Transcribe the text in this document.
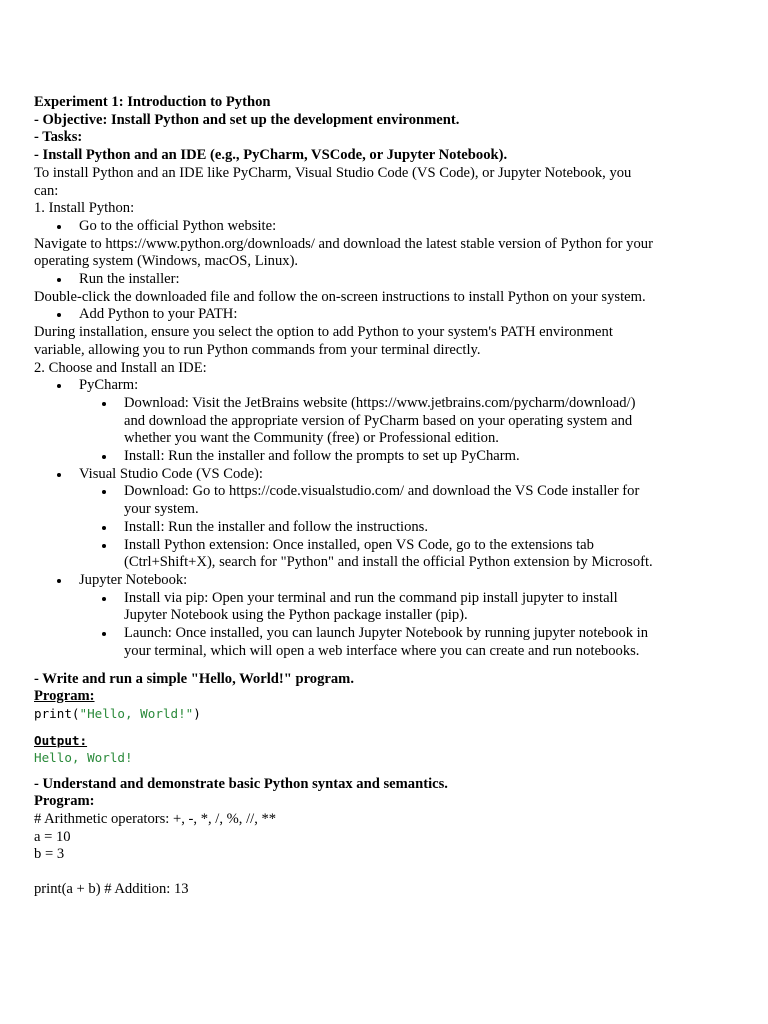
Experiment 1: Introduction to Python
- Objective: Install Python and set up the development environment.
- Tasks:
- Install Python and an IDE (e.g., PyCharm, VSCode, or Jupyter Notebook).
To install Python and an IDE like PyCharm, Visual Studio Code (VS Code), or Jupyter Notebook, you
can:
1. Install Python:
Go to the official Python website:
Navigate to https://www.python.org/downloads/ and download the latest stable version of Python for your
operating system (Windows, macOS, Linux).
Run the installer:
Double-click the downloaded file and follow the on-screen instructions to install Python on your system.
Add Python to your PATH:
During installation, ensure you select the option to add Python to your system's PATH environment
variable, allowing you to run Python commands from your terminal directly.
2. Choose and Install an IDE:
PyCharm:
Download: Visit the JetBrains website (https://www.jetbrains.com/pycharm/download/)
and download the appropriate version of PyCharm based on your operating system and
whether you want the Community (free) or Professional edition.
Install: Run the installer and follow the prompts to set up PyCharm.
Visual Studio Code (VS Code):
Download: Go to https://code.visualstudio.com/ and download the VS Code installer for
your system.
Install: Run the installer and follow the instructions.
Install Python extension: Once installed, open VS Code, go to the extensions tab
(Ctrl+Shift+X), search for "Python" and install the official Python extension by Microsoft.
Jupyter Notebook:
Install via pip: Open your terminal and run the command pip install jupyter to install
Jupyter Notebook using the Python package installer (pip).
Launch: Once installed, you can launch Jupyter Notebook by running jupyter notebook in
your terminal, which will open a web interface where you can create and run notebooks.
- Write and run a simple "Hello, World!" program.
Program:
print("Hello, World!")
Output:
Hello, World!
- Understand and demonstrate basic Python syntax and semantics.
Program:
# Arithmetic operators: +, -, *, /, %, //, **
a = 10
b = 3
print(a + b) # Addition: 13
